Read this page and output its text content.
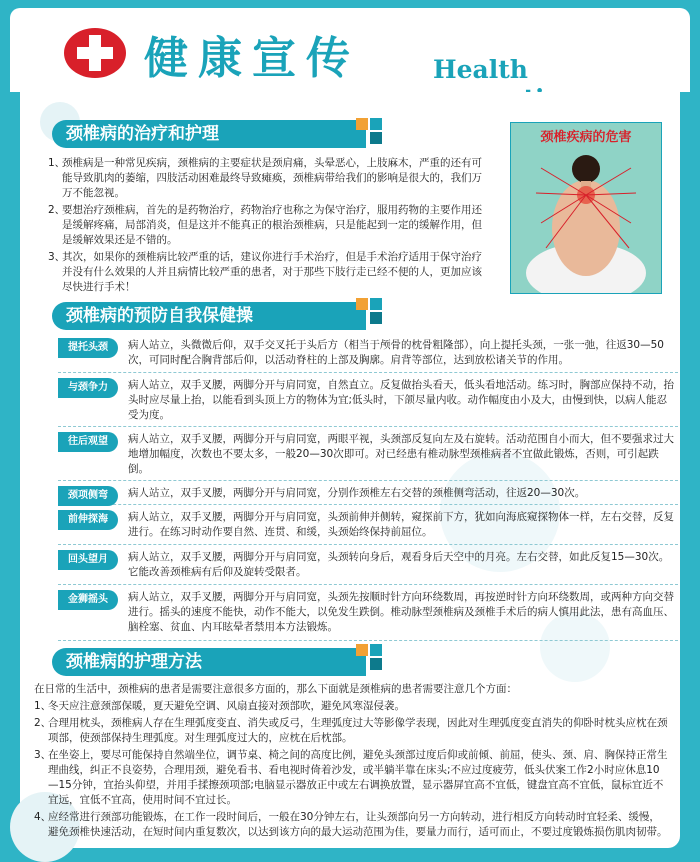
健康宣传	Health
颈椎病的治疗和护理
1、
颈椎病是一种常见疾病，颈椎病的主要症状是颈肩痛，头晕恶心，上肢麻木，严重的还有可能导致肌肉的萎缩，四肢活动困难最终导致瘫痪，颈椎病带给我们的影响是很大的，我们万万不能忽视。
2、
要想治疗颈椎病，首先的是药物治疗，药物治疗也称之为保守治疗，服用药物的主要作用还是缓解疼痛，局部消炎，但是这并不能真正的根治颈椎病，只是能起到一定的缓解作用，但是缓解效果还是不错的。
3、
其次，如果你的颈椎病比较严重的话，建议你进行手术治疗，但是手术治疗适用于保守治疗并没有什么效果的人并且病情比较严重的患者，对于那些下肢行走已经不便的人，更加应该尽快进行手术！
颈椎疾病的危害
颈椎病的预防自我保健操
提托头颈	病人站立，头微微后仰，双手交叉托于头后方（相当于颅骨的枕骨粗隆部），向上提托头颈，一张一弛，往返30—50次，可同时配合胸背部后仰，以活动脊柱的上部及胸廓。肩背等部位，达到放松诸关节的作用。
与颈争力	病人站立，双手叉腰，两脚分开与肩同宽，自然直立。反复做抬头看天，低头看地活动。练习时，胸部应保持不动，抬头时应尽量上抬，以能看到头顶上方的物体为宜;低头时，下颌尽量内收。动作幅度由小及大，由慢到快，以病人能忍受为度。
往后观望	病人站立，双手叉腰，两脚分开与肩同宽，两眼平视，头颈部反复向左及右旋转。活动范围自小而大，但不要强求过大地增加幅度，次数也不要太多，一般20—30次即可。对已经患有椎动脉型颈椎病者不宜做此锻炼，否则，可引起跌倒。
颈项侧弯	病人站立，双手叉腰，两脚分开与肩同宽，分别作颈椎左右交替的颈椎侧弯活动，往返20—30次。
前伸探海	病人站立，双手叉腰，两脚分开与肩同宽，头颈前伸并侧转，窥探前下方，犹如向海底窥探物体一样，左右交替，反复进行。在练习时动作要自然、连贯、和缓，头颈始终保持前屈位。
回头望月	病人站立，双手叉腰，两脚分开与肩同宽，头颈转向身后，观看身后天空中的月亮。左右交替，如此反复15—30次。它能改善颈椎病有后仰及旋转受限者。
金狮摇头	病人站立，双手叉腰，两脚分开与肩同宽，头颈先按顺时针方向环绕数周，再按逆时针方向环绕数周，或两种方向交替进行。摇头的速度不能快，动作不能大，以免发生跌倒。椎动脉型颈椎病及颈椎手术后的病人慎用此法，患有高血压、脑栓塞、贫血、内耳眩晕者禁用本方法锻炼。
颈椎病的护理方法
在日常的生活中，颈椎病的患者是需要注意很多方面的，那么下面就是颈椎病的患者需要注意几个方面：
1、
冬天应注意颈部保暖，夏天避免空调、风扇直接对颈部吹，避免风寒湿侵袭。
2、
合理用枕头，颈椎病人存在生理弧度变直、消失或反弓，生理弧度过大等影像学表现，因此对生理弧度变直消失的仰卧时枕头应枕在颈项部，使颈部保持生理弧度。对生理弧度过大的，应枕在后枕部。
3、
在坐姿上，要尽可能保持自然端坐位，调节桌、椅之间的高度比例，避免头颈部过度后仰或前倾、前屈，使头、颈、肩、胸保持正常生理曲线，纠正不良姿势，合理用颈，避免看书、看电视时倚着沙发，或半躺半靠在床头;不应过度疲劳，低头伏案工作2小时应休息10—15分钟，宜抬头仰望，并用手揉擦颈项部;电脑显示器放正中或左右调换放置，显示器屏宜高不宜低，键盘宜高不宜低，鼠标宜近不宜远，宜低不宜高，使用时间不宜过长。
4、
应经常进行颈部功能锻炼，在工作一段时间后，一般在30分钟左右，让头颈部向另一方向转动，进行相反方向转动时宜轻柔、缓慢，避免颈椎快速活动，在短时间内重复数次，以达到该方向的最大运动范围为佳，要量力而行，适可而止，不要过度锻炼损伤肌肉韧带。
